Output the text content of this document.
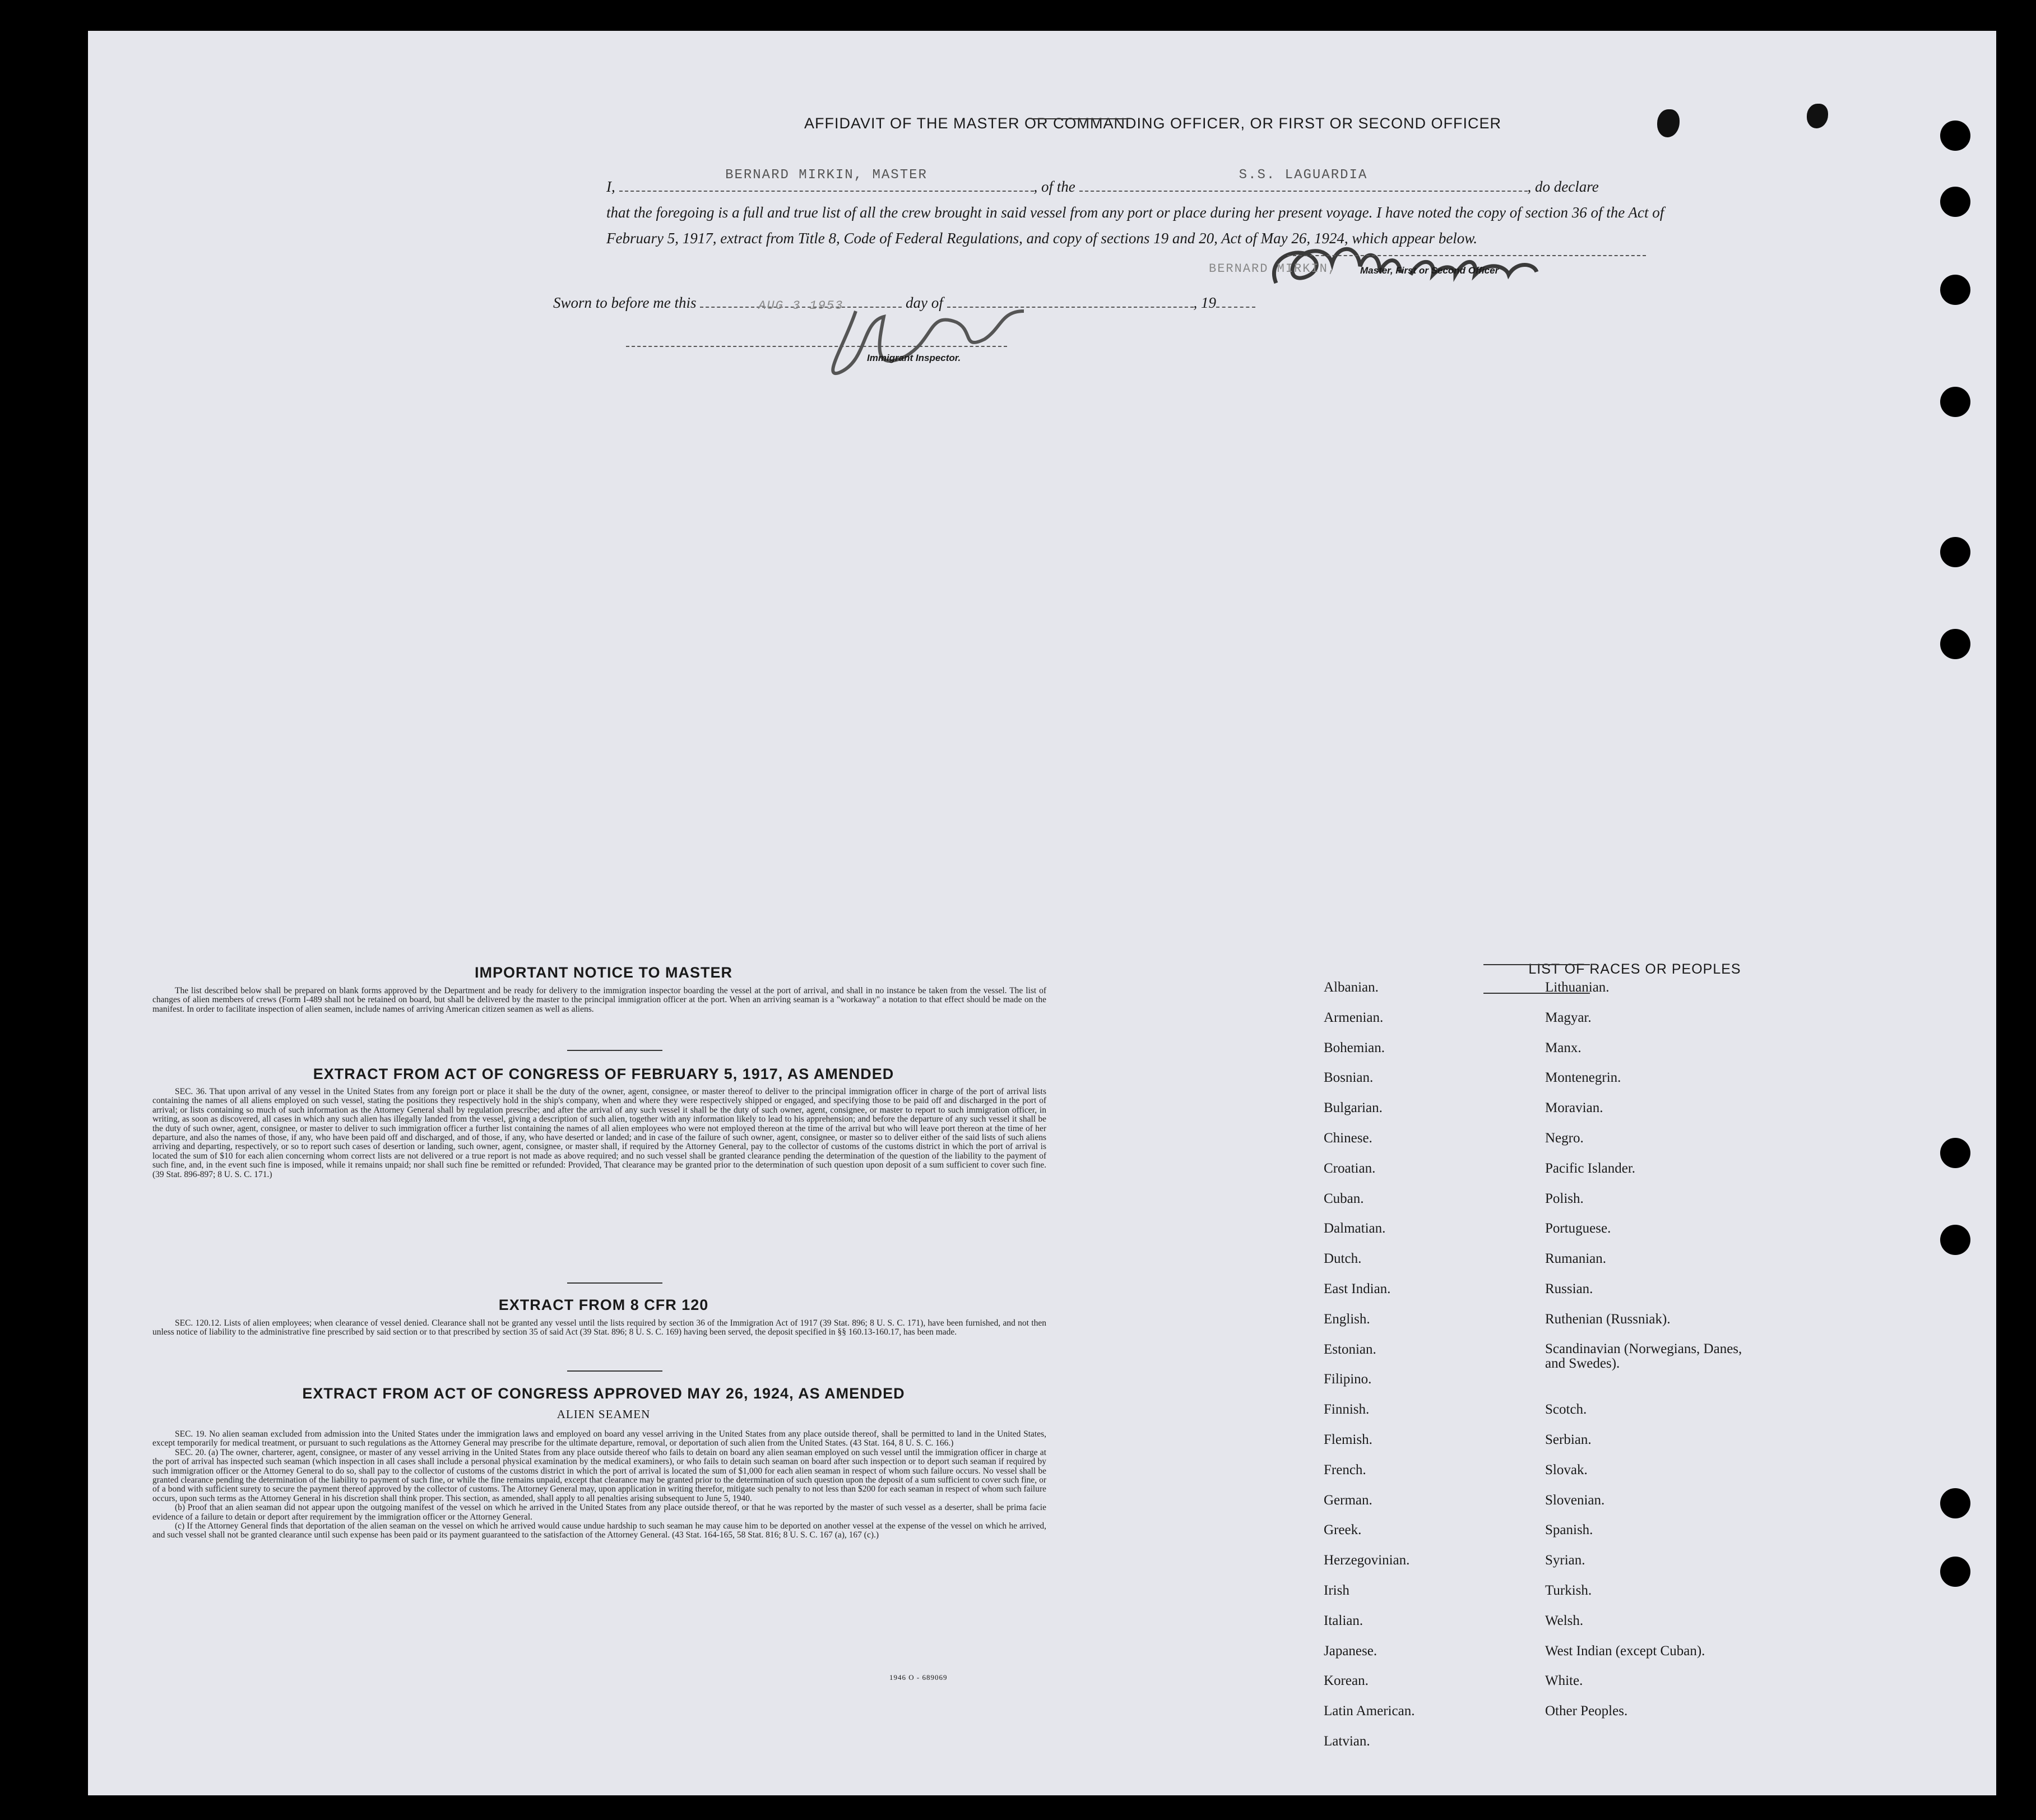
AFFIDAVIT OF THE MASTER OR COMMANDING OFFICER, OR FIRST OR SECOND OFFICER
I,
BERNARD MIRKIN, MASTER
, of the
S.S. LAGUARDIA
, do declare
that the foregoing is a full and true list of all the crew brought in said vessel from any port or place during her present voyage. I have noted the copy of section 36 of the Act of February 5, 1917, extract from Title 8, Code of Federal Regulations, and copy of sections 19 and 20, Act of May 26, 1924, which appear below.
BERNARD MIRKIN, Master, First or Second Officer
Sworn to before me this	AUG 3 1953	day of	, 19
Immigrant Inspector.
IMPORTANT NOTICE TO MASTER

The list described below shall be prepared on blank forms approved by the Department and be ready for delivery to the immigration inspector boarding the vessel at the port of arrival, and shall in no instance be taken from the vessel. The list of changes of alien members of crews (Form I-489 shall not be retained on board, but shall be delivered by the master to the principal immigration officer at the port. When an arriving seaman is a "workaway" a notation to that effect should be made on the manifest. In order to facilitate inspection of alien seamen, include names of arriving American citizen seamen as well as aliens.

EXTRACT FROM ACT OF CONGRESS OF FEBRUARY 5, 1917, AS AMENDED

SEC. 36. That upon arrival of any vessel in the United States from any foreign port or place it shall be the duty of the owner, agent, consignee, or master thereof to deliver to the principal immigration officer in charge of the port of arrival lists containing the names of all aliens employed on such vessel, stating the positions they respectively hold in the ship's company, when and where they were respectively shipped or engaged, and specifying those to be paid off and discharged in the port of arrival; or lists containing so much of such information as the Attorney General shall by regulation prescribe; and after the arrival of any such vessel it shall be the duty of such owner, agent, consignee, or master to report to such immigration officer, in writing, as soon as discovered, all cases in which any such alien has illegally landed from the vessel, giving a description of such alien, together with any information likely to lead to his apprehension; and before the departure of any such vessel it shall be the duty of such owner, agent, consignee, or master to deliver to such immigration officer a further list containing the names of all alien employees who were not employed thereon at the time of the arrival but who will leave port thereon at the time of her departure, and also the names of those, if any, who have been paid off and discharged, and of those, if any, who have deserted or landed; and in case of the failure of such owner, agent, consignee, or master so to deliver either of the said lists of such aliens arriving and departing, respectively, or so to report such cases of desertion or landing, such owner, agent, consignee, or master shall, if required by the Attorney General, pay to the collector of customs of the customs district in which the port of arrival is located the sum of $10 for each alien concerning whom correct lists are not delivered or a true report is not made as above required; and no such vessel shall be granted clearance pending the determination of the question of the liability to the payment of such fine, and, in the event such fine is imposed, while it remains unpaid; nor shall such fine be remitted or refunded: Provided, That clearance may be granted prior to the determination of such question upon deposit of a sum sufficient to cover such fine. (39 Stat. 896-897; 8 U. S. C. 171.)

EXTRACT FROM 8 CFR 120

SEC. 120.12. Lists of alien employees; when clearance of vessel denied. Clearance shall not be granted any vessel until the lists required by section 36 of the Immigration Act of 1917 (39 Stat. 896; 8 U. S. C. 171), have been furnished, and not then unless notice of liability to the administrative fine prescribed by said section or to that prescribed by section 35 of said Act (39 Stat. 896; 8 U. S. C. 169) having been served, the deposit specified in §§ 160.13-160.17, has been made.

EXTRACT FROM ACT OF CONGRESS APPROVED MAY 26, 1924, AS AMENDED
ALIEN SEAMEN

SEC. 19. No alien seaman excluded from admission into the United States under the immigration laws and employed on board any vessel arriving in the United States from any place outside thereof, shall be permitted to land in the United States, except temporarily for medical treatment, or pursuant to such regulations as the Attorney General may prescribe for the ultimate departure, removal, or deportation of such alien from the United States. (43 Stat. 164, 8 U. S. C. 166.)

SEC. 20. (a) The owner, charterer, agent, consignee, or master of any vessel arriving in the United States from any place outside thereof who fails to detain on board any alien seaman employed on such vessel until the immigration officer in charge at the port of arrival has inspected such seaman (which inspection in all cases shall include a personal physical examination by the medical examiners), or who fails to detain such seaman on board after such inspection or to deport such seaman if required by such immigration officer or the Attorney General to do so, shall pay to the collector of customs of the customs district in which the port of arrival is located the sum of $1,000 for each alien seaman in respect of whom such failure occurs. No vessel shall be granted clearance pending the determination of the liability to payment of such fine, or while the fine remains unpaid, except that clearance may be granted prior to the determination of such question upon the deposit of a sum sufficient to cover such fine, or of a bond with sufficient surety to secure the payment thereof approved by the collector of customs. The Attorney General may, upon application in writing therefor, mitigate such penalty to not less than $200 for each seaman in respect of whom such failure occurs, upon such terms as the Attorney General in his discretion shall think proper. This section, as amended, shall apply to all penalties arising subsequent to June 5, 1940.

(b) Proof that an alien seaman did not appear upon the outgoing manifest of the vessel on which he arrived in the United States from any place outside thereof, or that he was reported by the master of such vessel as a deserter, shall be prima facie evidence of a failure to detain or deport after requirement by the immigration officer or the Attorney General.

(c) If the Attorney General finds that deportation of the alien seaman on the vessel on which he arrived would cause undue hardship to such seaman he may cause him to be deported on another vessel at the expense of the vessel on which he arrived, and such vessel shall not be granted clearance until such expense has been paid or its payment guaranteed to the satisfaction of the Attorney General. (43 Stat. 164-165, 58 Stat. 816; 8 U. S. C. 167 (a), 167 (c).)

1946 O - 689069
LIST OF RACES OR PEOPLES
Albanian.
Armenian.
Bohemian.
Bosnian.
Bulgarian.
Chinese.
Croatian.
Cuban.
Dalmatian.
Dutch.
East Indian.
English.
Estonian.
Filipino.
Finnish.
Flemish.
French.
German.
Greek.
Herzegovinian.
Irish
Italian.
Japanese.
Korean.
Latin American.
Latvian.
Lithuanian.
Magyar.
Manx.
Montenegrin.
Moravian.
Negro.
Pacific Islander.
Polish.
Portuguese.
Rumanian.
Russian.
Ruthenian (Russniak).
Scandinavian (Norwegians, Danes, and Swedes).
Scotch.
Serbian.
Slovak.
Slovenian.
Spanish.
Syrian.
Turkish.
Welsh.
West Indian (except Cuban).
White.
Other Peoples.
